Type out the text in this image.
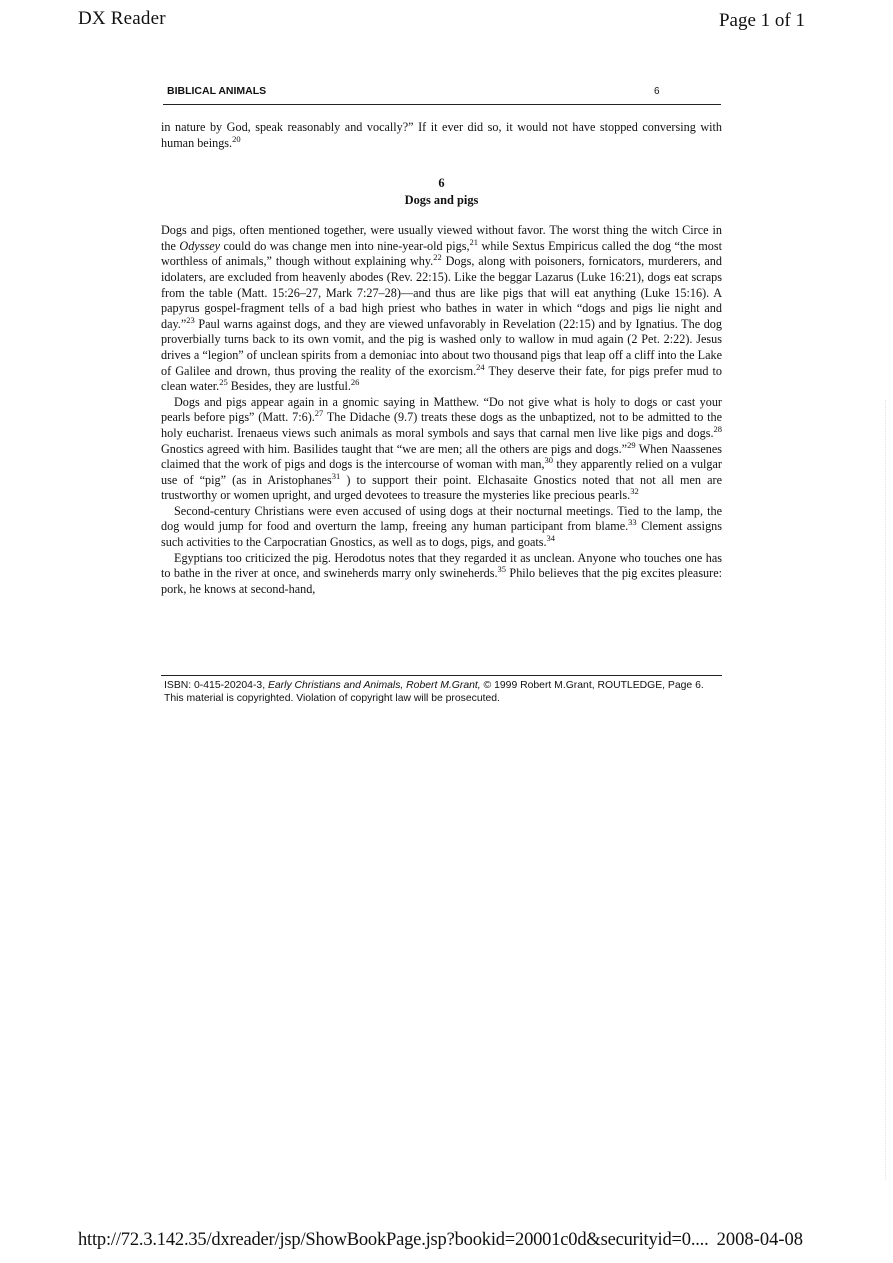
DX Reader	Page 1 of 1
BIBLICAL ANIMALS	6

in nature by God, speak reasonably and vocally?” If it ever did so, it would not have stopped conversing with human beings.$^{20}$

6
Dogs and pigs

Dogs and pigs, often mentioned together, were usually viewed without favor. The worst thing the witch Circe in the Odyssey could do was change men into nine-year-old pigs,$^{21}$ while Sextus Empiricus called the dog “the most worthless of animals,” though without explaining why.$^{22}$ Dogs, along with poisoners, fornicators, murderers, and idolaters, are excluded from heavenly abodes (Rev. 22:15). Like the beggar Lazarus (Luke 16:21), dogs eat scraps from the table (Matt. 15:26–27, Mark 7:27–28)—and thus are like pigs that will eat anything (Luke 15:16). A papyrus gospel-fragment tells of a bad high priest who bathes in water in which “dogs and pigs lie night and day.”$^{23}$ Paul warns against dogs, and they are viewed unfavorably in Revelation (22:15) and by Ignatius. The dog proverbially turns back to its own vomit, and the pig is washed only to wallow in mud again (2 Pet. 2:22). Jesus drives a “legion” of unclean spirits from a demoniac into about two thousand pigs that leap off a cliff into the Lake of Galilee and drown, thus proving the reality of the exorcism.$^{24}$ They deserve their fate, for pigs prefer mud to clean water.$^{25}$ Besides, they are lustful.$^{26}$

Dogs and pigs appear again in a gnomic saying in Matthew. “Do not give what is holy to dogs or cast your pearls before pigs” (Matt. 7:6).$^{27}$ The Didache (9.7) treats these dogs as the unbaptized, not to be admitted to the holy eucharist. Irenaeus views such animals as moral symbols and says that carnal men live like pigs and dogs.$^{28}$ Gnostics agreed with him. Basilides taught that “we are men; all the others are pigs and dogs.”$^{29}$ When Naassenes claimed that the work of pigs and dogs is the intercourse of woman with man,$^{30}$ they apparently relied on a vulgar use of “pig” (as in Aristophanes$^{31}$ ) to support their point. Elchasaite Gnostics noted that not all men are trustworthy or women upright, and urged devotees to treasure the mysteries like precious pearls.$^{32}$

Second-century Christians were even accused of using dogs at their nocturnal meetings. Tied to the lamp, the dog would jump for food and overturn the lamp, freeing any human participant from blame.$^{33}$ Clement assigns such activities to the Carpocratian Gnostics, as well as to dogs, pigs, and goats.$^{34}$

Egyptians too criticized the pig. Herodotus notes that they regarded it as unclean. Anyone who touches one has to bathe in the river at once, and swineherds marry only swineherds.$^{35}$ Philo believes that the pig excites pleasure: pork, he knows at second-hand,

ISBN: 0-415-20204-3, Early Christians and Animals, Robert M.Grant, © 1999 Robert M.Grant, ROUTLEDGE, Page 6.
This material is copyrighted. Violation of copyright law will be prosecuted.
http://72.3.142.35/dxreader/jsp/ShowBookPage.jsp?bookid=20001c0d&securityid=0.... 2008-04-08
